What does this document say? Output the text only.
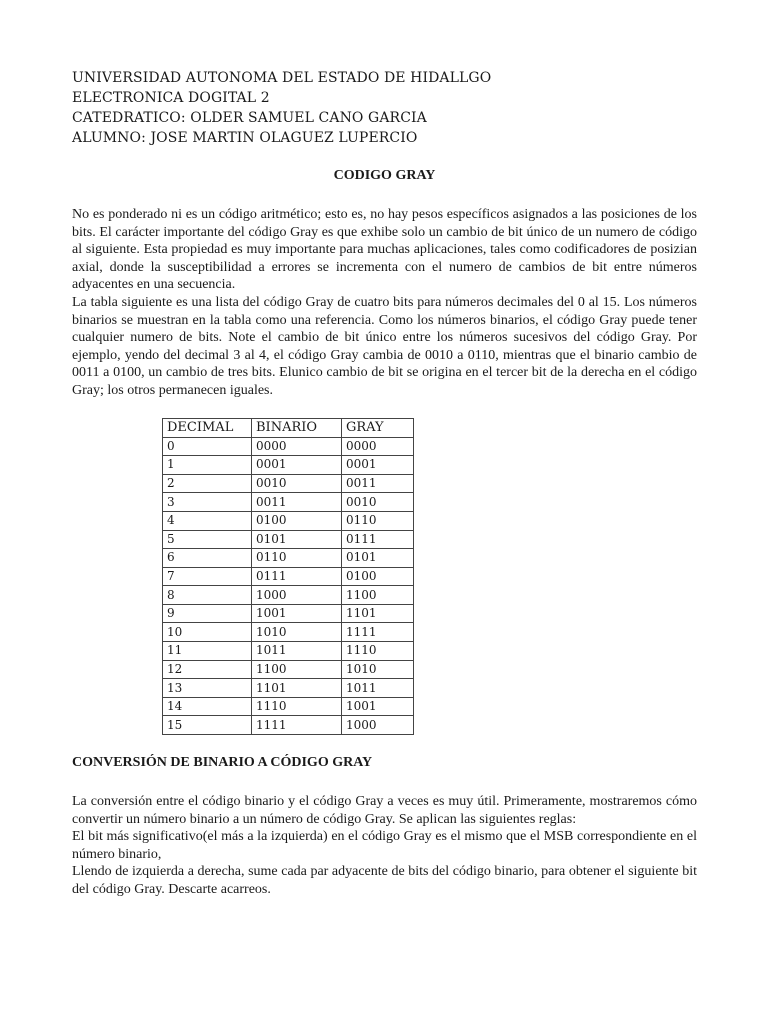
UNIVERSIDAD AUTONOMA DEL ESTADO DE HIDALLGO

ELECTRONICA DOGITAL 2

CATEDRATICO: OLDER SAMUEL CANO GARCIA

ALUMNO: JOSE MARTIN OLAGUEZ LUPERCIO

CODIGO GRAY

No es ponderado ni es un código aritmético; esto es, no hay pesos específicos asignados a las posiciones de los bits. El carácter importante del código Gray es que exhibe solo un cambio de bit único de un numero de código al siguiente. Esta propiedad es muy importante para muchas aplicaciones, tales como codificadores de posizian axial, donde la susceptibilidad a errores se incrementa con el numero de cambios de bit entre números adyacentes en una secuencia.

La tabla siguiente es una lista del código Gray de cuatro bits para números decimales del 0 al 15. Los números binarios se muestran en la tabla como una referencia. Como los números binarios, el código Gray puede tener cualquier numero de bits. Note el cambio de bit único entre los números sucesivos del código Gray. Por ejemplo, yendo del decimal 3 al 4, el código Gray cambia de 0010 a 0110, mientras que el binario cambio de 0011 a 0100, un cambio de tres bits. Elunico cambio de bit se origina en el tercer bit de la derecha en el código Gray; los otros permanecen iguales.

DECIMAL	BINARIO	GRAY
0	0000	0000
1	0001	0001
2	0010	0011
3	0011	0010
4	0100	0110
5	0101	0111
6	0110	0101
7	0111	0100
8	1000	1100
9	1001	1101
10	1010	1111
11	1011	1110
12	1100	1010
13	1101	1011
14	1110	1001
15	1111	1000
CONVERSIÓN DE BINARIO A CÓDIGO GRAY

La conversión entre el código binario y el código Gray a veces es muy útil. Primeramente, mostraremos cómo convertir un número binario a un número de código Gray. Se aplican las siguientes reglas:

El bit más significativo(el más a la izquierda) en el código Gray es el mismo que el MSB correspondiente en el número binario,

Llendo de izquierda a derecha, sume cada par adyacente de bits del código binario, para obtener el siguiente bit del código Gray. Descarte acarreos.
